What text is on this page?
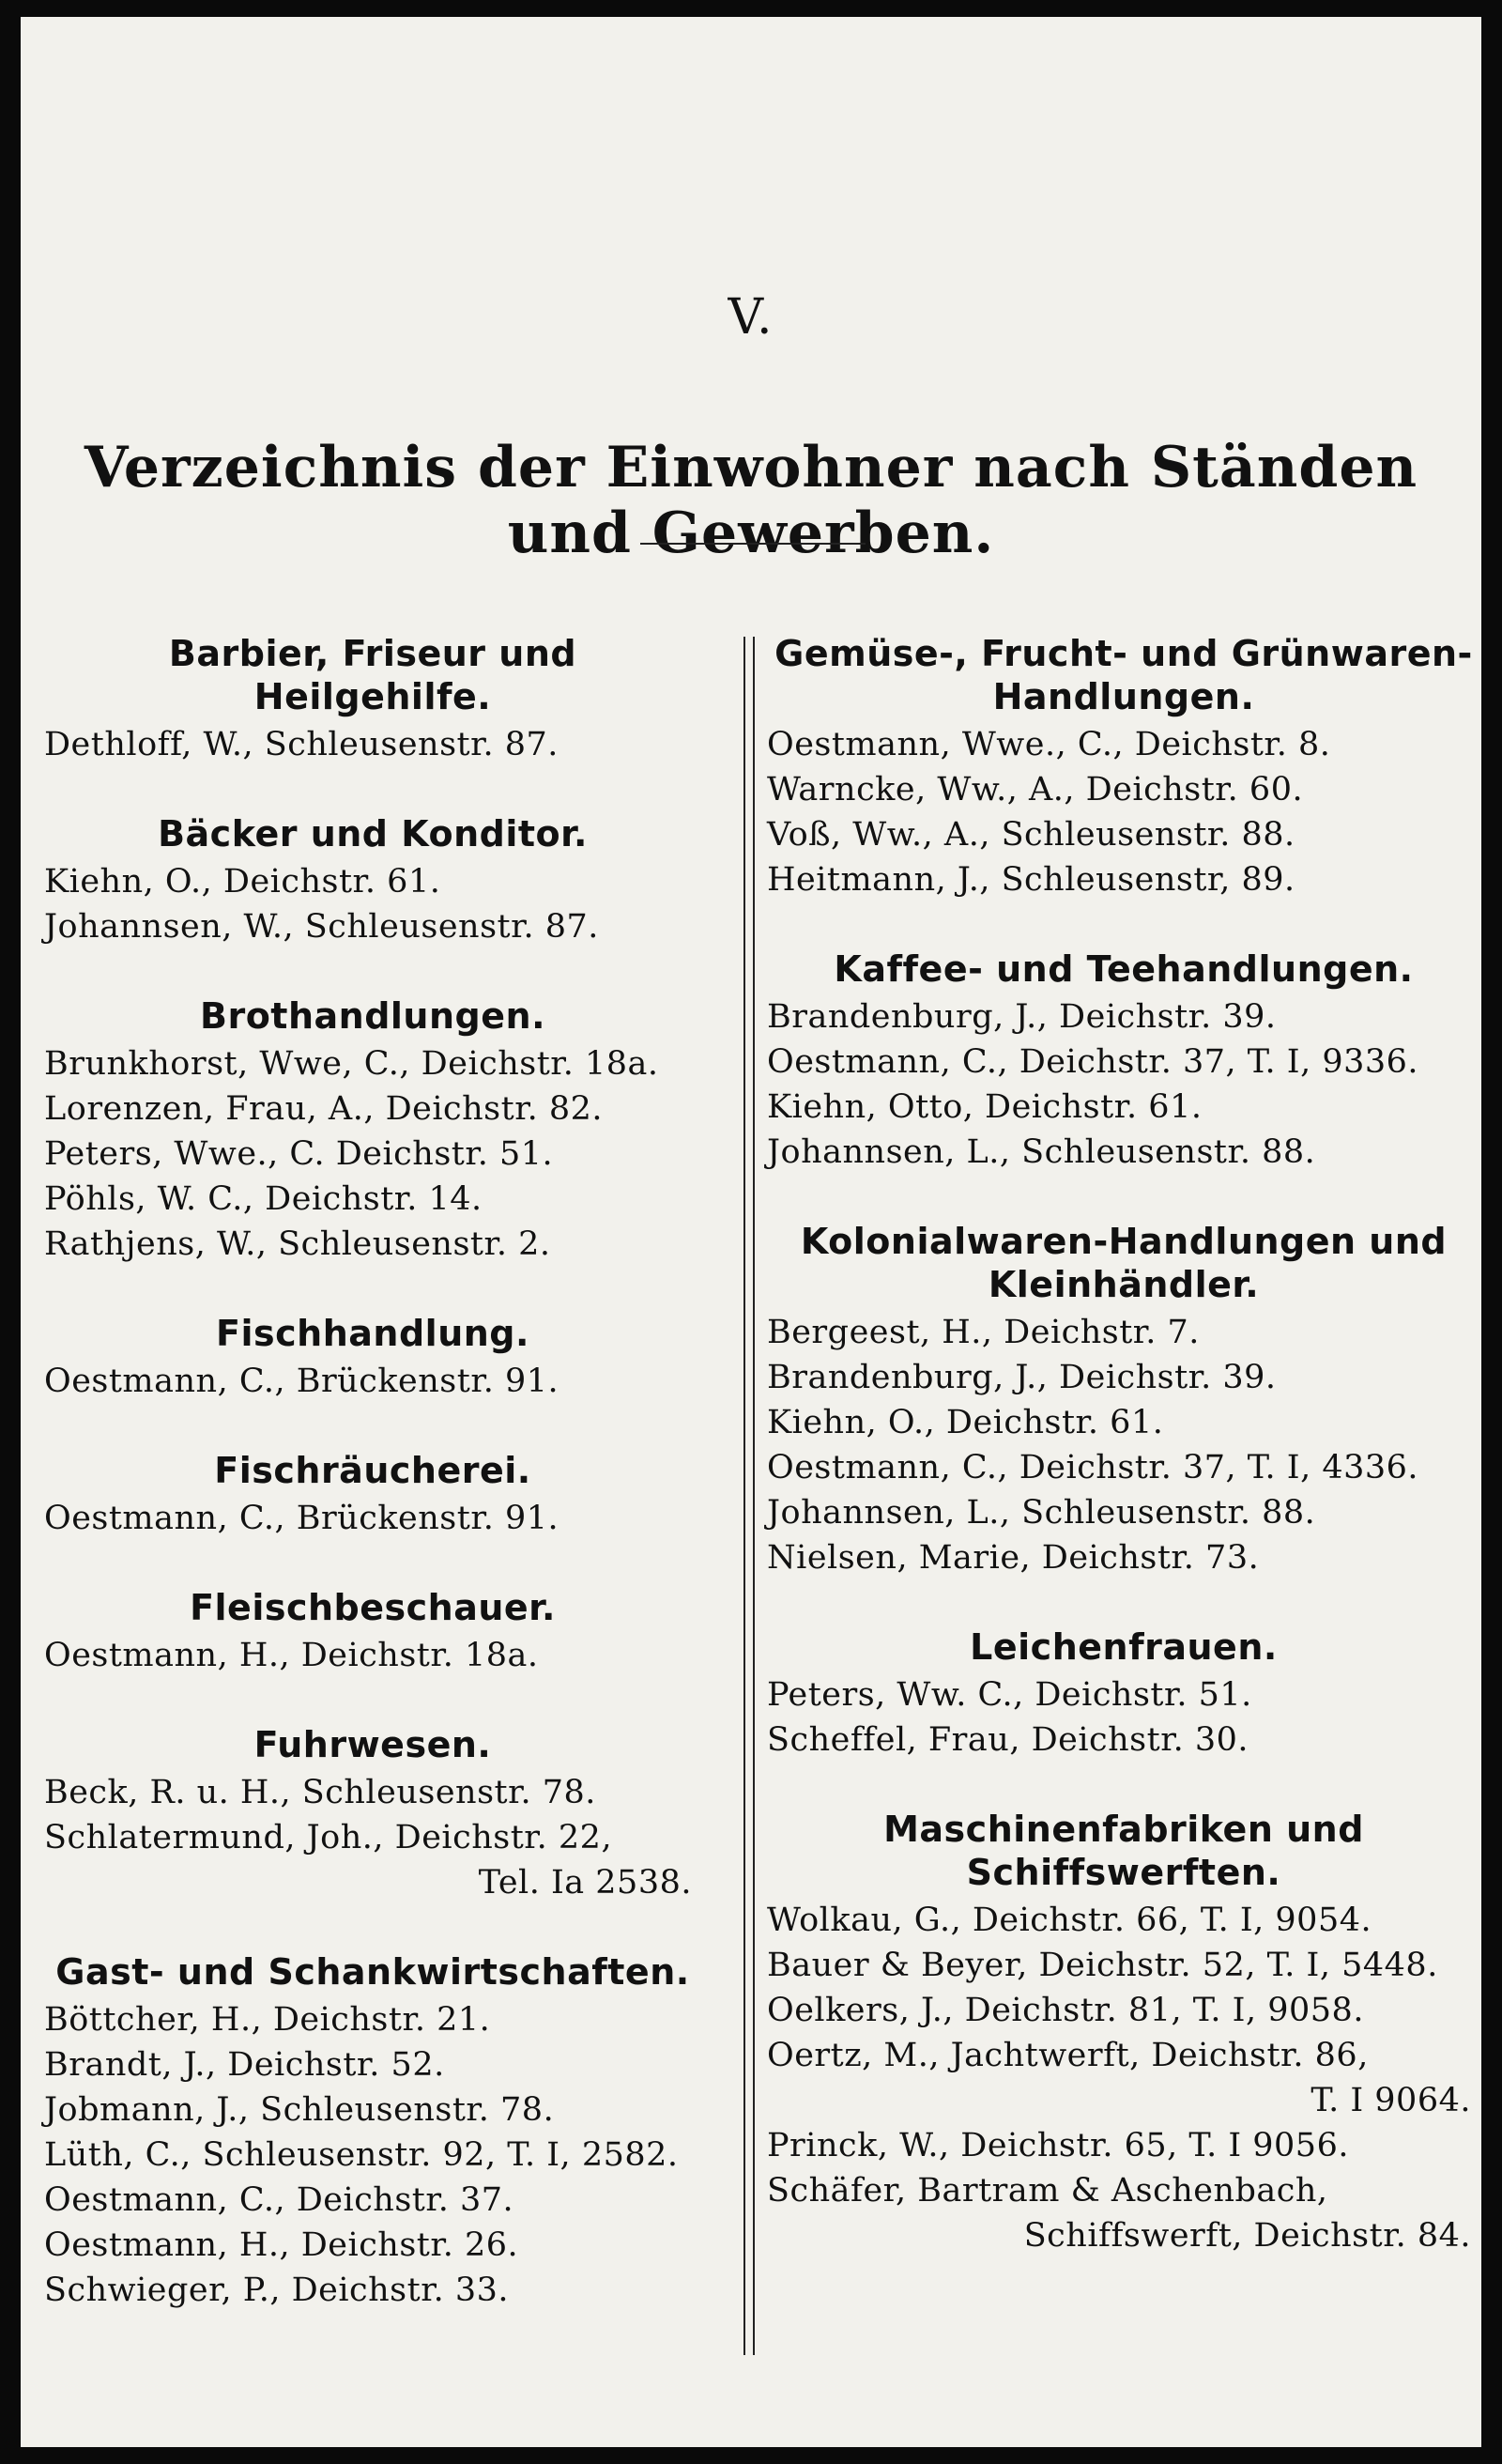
V.
Verzeichnis der Einwohner nach Ständen und Gewerben.
Barbier, Friseur und Heilgehilfe.
Dethloff, W., Schleusenstr. 87.
Bäcker und Konditor.
Kiehn, O., Deichstr. 61.
Johannsen, W., Schleusenstr. 87.
Brothandlungen.
Brunkhorst, Wwe, C., Deichstr. 18a.
Lorenzen, Frau, A., Deichstr. 82.
Peters, Wwe., C. Deichstr. 51.
Pöhls, W. C., Deichstr. 14.
Rathjens, W., Schleusenstr. 2.
Fischhandlung.
Oestmann, C., Brückenstr. 91.
Fischräucherei.
Oestmann, C., Brückenstr. 91.
Fleischbeschauer.
Oestmann, H., Deichstr. 18a.
Fuhrwesen.
Beck, R. u. H., Schleusenstr. 78.
Schlatermund, Joh., Deichstr. 22,
Tel. Ia 2538.
Gast- und Schankwirtschaften.
Böttcher, H., Deichstr. 21.
Brandt, J., Deichstr. 52.
Jobmann, J., Schleusenstr. 78.
Lüth, C., Schleusenstr. 92, T. I, 2582.
Oestmann, C., Deichstr. 37.
Oestmann, H., Deichstr. 26.
Schwieger, P., Deichstr. 33.
Gemüse-, Frucht- und Grünwaren-Handlungen.
Oestmann, Wwe., C., Deichstr. 8.
Warncke, Ww., A., Deichstr. 60.
Voß, Ww., A., Schleusenstr. 88.
Heitmann, J., Schleusenstr, 89.
Kaffee- und Teehandlungen.
Brandenburg, J., Deichstr. 39.
Oestmann, C., Deichstr. 37, T. I, 9336.
Kiehn, Otto, Deichstr. 61.
Johannsen, L., Schleusenstr. 88.
Kolonialwaren-Handlungen und Kleinhändler.
Bergeest, H., Deichstr. 7.
Brandenburg, J., Deichstr. 39.
Kiehn, O., Deichstr. 61.
Oestmann, C., Deichstr. 37, T. I, 4336.
Johannsen, L., Schleusenstr. 88.
Nielsen, Marie, Deichstr. 73.
Leichenfrauen.
Peters, Ww. C., Deichstr. 51.
Scheffel, Frau, Deichstr. 30.
Maschinenfabriken und Schiffswerften.
Wolkau, G., Deichstr. 66, T. I, 9054.
Bauer & Beyer, Deichstr. 52, T. I, 5448.
Oelkers, J., Deichstr. 81, T. I, 9058.
Oertz, M., Jachtwerft, Deichstr. 86,
T. I 9064.
Princk, W., Deichstr. 65, T. I 9056.
Schäfer, Bartram & Aschenbach,
Schiffswerft, Deichstr. 84.
